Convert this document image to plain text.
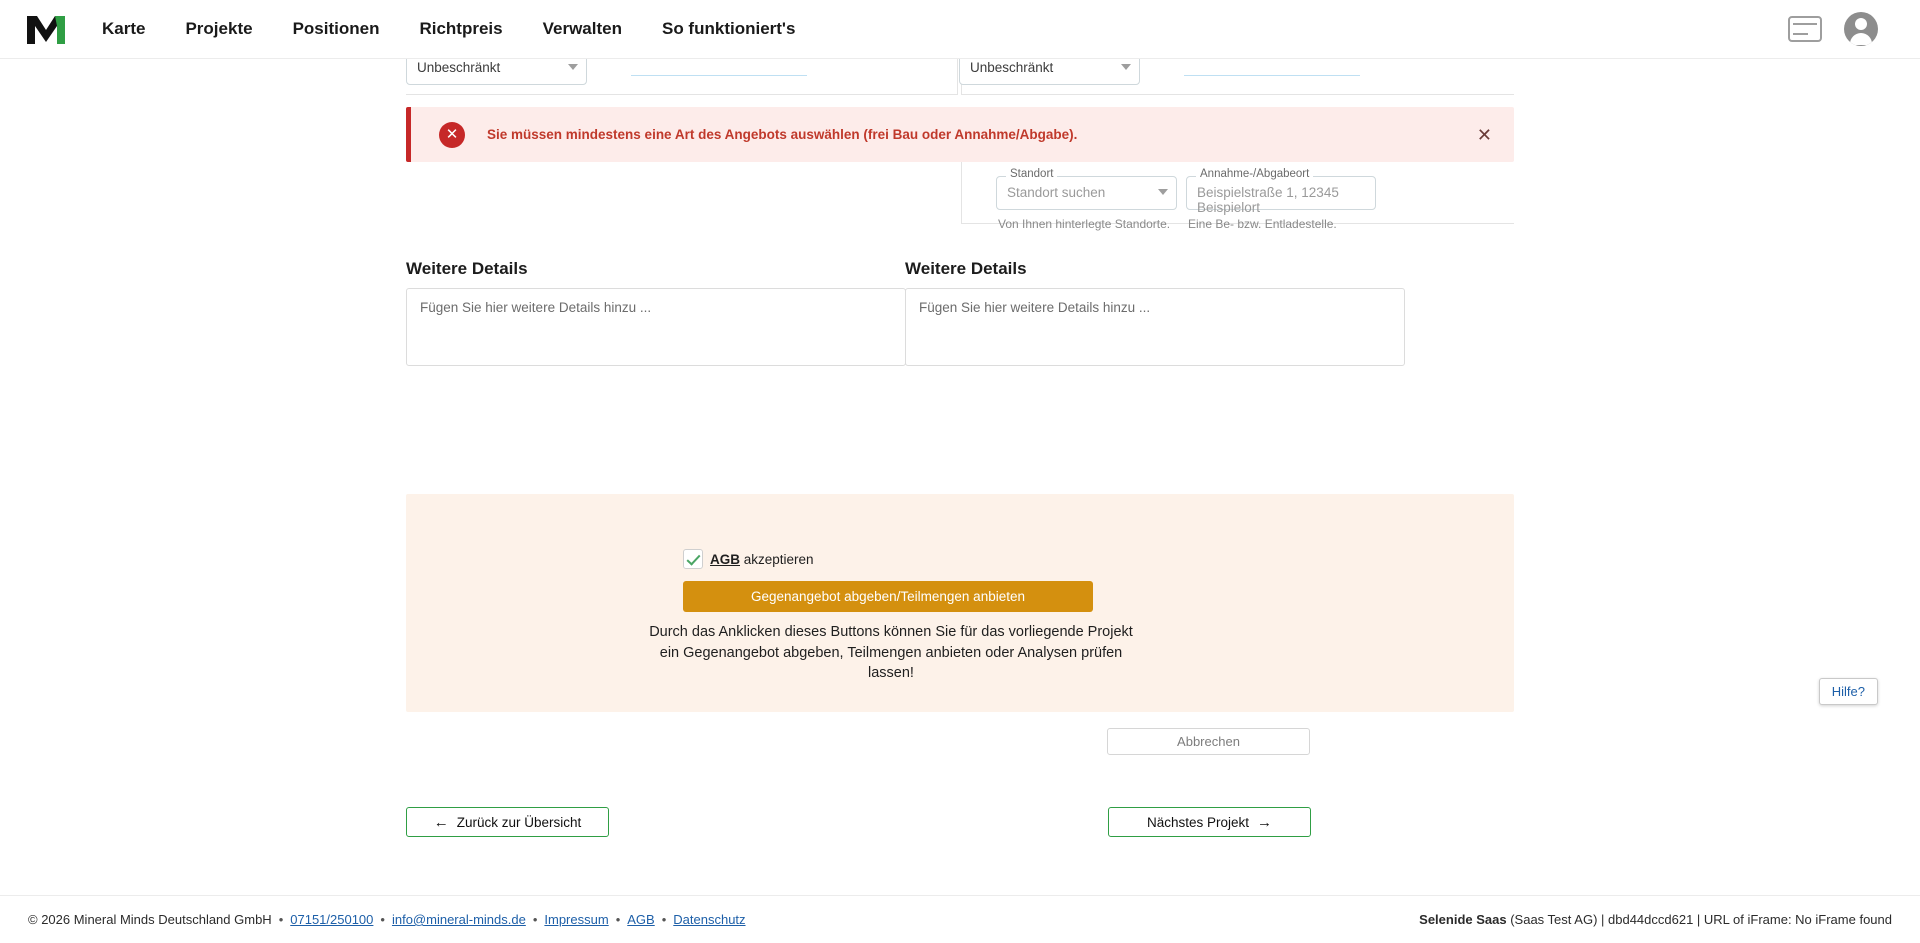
Karte	Projekte	Positionen	Richtpreis	Verwalten	So funktioniert's
Unbeschränkt	Unbeschränkt
✕	Sie müssen mindestens eine Art des Angebots auswählen (frei Bau oder Annahme/Abgabe).	✕
Standort
Standort suchen
Von Ihnen hinterlegte Standorte.
Annahme-/Abgabeort
Beispielstraße 1, 12345 Beispielort
Eine Be- bzw. Entladestelle.
Weitere Details
Fügen Sie hier weitere Details hinzu ...
Weitere Details
Fügen Sie hier weitere Details hinzu ...
AGB akzeptieren
Gegenangebot abgeben/Teilmengen anbieten
Durch das Anklicken dieses Buttons können Sie für das vorliegende Projekt ein Gegenangebot abgeben, Teilmengen anbieten oder Analysen prüfen lassen!
Abbrechen
← Zurück zur Übersicht	Nächstes Projekt →
Hilfe?
© 2026 Mineral Minds Deutschland GmbH • 07151/250100 • info@mineral-minds.de • Impressum • AGB • Datenschutz	Selenide Saas (Saas Test AG) | dbd44dccd621 | URL of iFrame: No iFrame found
